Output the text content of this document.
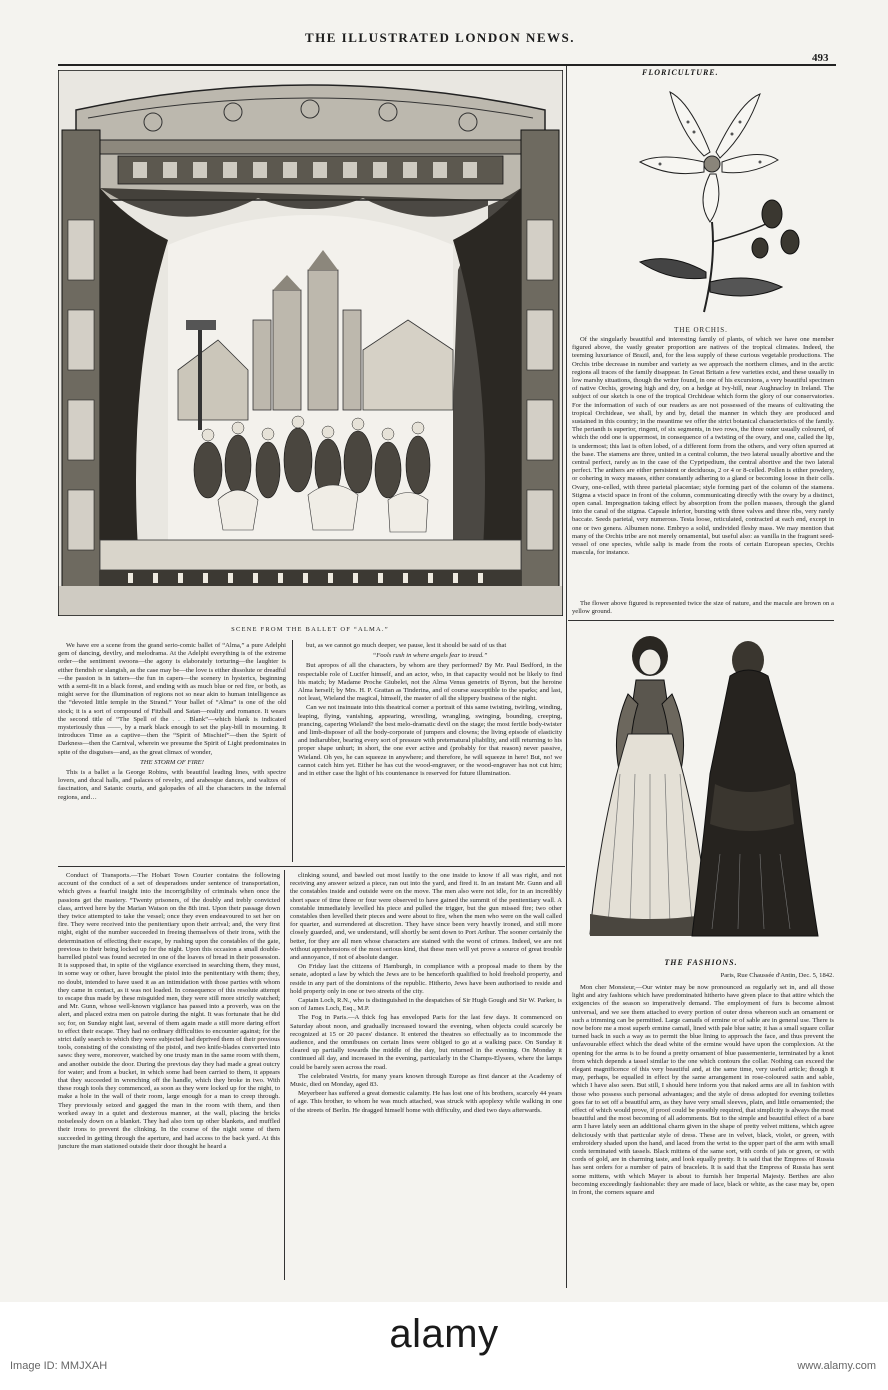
THE ILLUSTRATED LONDON NEWS.
493
SCENE FROM THE BALLET OF “ALMA.”

We have ere a scene from the grand serio-comic ballet of “Alma,” a pure Adelphi gem of dancing, devilry, and melodrama. At the Adelphi everything is of the extreme order—the sentiment swoons—the agony is elaborately torturing—the laughter is either fiendish or slangish, as the case may be—the love is either dissolute or dreadful—the passion is in tatters—the fun in capers—the scenery in hysterics, beginning with a semi-fit in a black forest, and ending with as much blue or red fire, or both, as might serve for the illumination of regions not so near akin to human intelligence as the “devoted little temple in the Strand.” Your ballet of “Alma” is one of the old stock; it is a sort of compound of Fitzball and Satan—reality and romance. It wears the second title of “The Spell of the . . . Blank”—which blank is indicated mysteriously thus ——, by a mark black enough to set the play-bill in mourning. It introduces Time as a captive—then the “Spirit of Mischief”—then the Spirit of Darkness—then the Carnival, wherein we presume the Spirit of Light predominates in spite of the disguises—and, as the great climax of wonder,

THE STORM OF FIRE!

This is a ballet a la George Robins, with beautiful leading lines, with spectre lovers, and ducal halls, and palaces of revelry, and arabesque dances, and waltzes of fascination, and Satanic courts, and galopades of all the characters in the infernal regions, and…

but, as we cannot go much deeper, we pause, lest it should be said of us that

“Fools rush in where angels fear to tread.”

But apropos of all the characters, by whom are they performed? By Mr. Paul Bedford, in the respectable role of Lucifer himself, and an actor, who, in that capacity would not be likely to find his match; by Madame Proche Giubelei, not the Alma Venus genetrix of Byron, but the heroine Alma herself; by Mrs. H. P. Grattan as Tinderina, and of course susceptible to the sparks; and last, not least, Wieland the magical, himself, the master of all the slippery business of the night.

Can we not insinuate into this theatrical corner a portrait of this same twisting, twirling, winding, leaping, flying, vanishing, appearing, wrestling, wrangling, swinging, bounding, creeping, prancing, capering Wieland? the best melo-dramatic devil on the stage; the most fertile body-twister and limb-disposer of all the body-corporate of jumpers and clowns; the living episode of elasticity and indiarubber, bearing every sort of pressure with preternatural pliability, and still returning to his proper shape unhurt; in short, the one ever active and (probably for that reason) never passive, Wieland. Oh yes, he can squeeze in anywhere; and therefore, he will squeeze in here! But, no! we cannot catch him yet. Either he has cut the wood-engraver, or the wood-engraver has not cut him; and in either case the light of his countenance is reserved for future illumination.

Conduct of Transports.—The Hobart Town Courier contains the following account of the conduct of a set of desperadoes under sentence of transportation, which gives a fearful insight into the incorrigibility of criminals when once the passions get the mastery. “Twenty prisoners, of the doubly and trebly convicted class, arrived here by the Marian Watson on the 8th inst. Upon their passage down they twice attempted to take the vessel; once they even endeavoured to set her on fire. They were received into the penitentiary upon their arrival; and, the very first night, eight of the number succeeded in freeing themselves of their irons, with the determination of effecting their escape, by rushing upon the constables of the gate, previous to their being locked up for the night. Upon this occasion a small double-barrelled pistol was found secreted in one of the loaves of bread in their possession. It is supposed that, in spite of the vigilance exercised in searching them, they must, in some way or other, have brought the pistol into the penitentiary with them; they, no doubt, intended to have used it as an intimidation with those parties with whom they came in contact, as it was not loaded. In consequence of this resolute attempt to escape thus made by these misguided men, they were still more strictly watched; and Mr. Gunn, whose well-known vigilance has passed into a proverb, was on the alert, and placed extra men on patrole during the night. It was fortunate that he did so; for, on Sunday night last, several of them again made a still more daring effort to effect their escape. They had no ordinary difficulties to encounter against; for the strict daily search to which they were subjected had deprived them of their previous tools, consisting of the consisting of the pistol, and two knife-blades converted into saws: they were, moreover, watched by one trusty man in the same room with them, and another outside the door. During the previous day they had made a great outcry for water; and from a bucket, in which some had been carried to them, it appears that they succeeded in wrenching off the handle, which they broke in two. With these rough tools they commenced, as soon as they were locked up for the night, to make a hole in the wall of their room, large enough for a man to creep through. They previously seized and gagged the man in the room with them, and then worked away in a quiet and dexterous manner, at the wall, placing the bricks noiselessly down on a blanket. They had also torn up other blankets, and muffled their irons to prevent the clinking. In the course of the night some of them succeeded in getting through the aperture, and had access to the back yard. At this juncture the man stationed outside their door thought he heard a

clinking sound, and bawled out most lustily to the one inside to know if all was right, and not receiving any answer seized a piece, ran out into the yard, and fired it. In an instant Mr. Gunn and all the constables inside and outside were on the move. The men also were not idle, for in an incredibly short space of time three or four were observed to have gained the summit of the penitentiary wall. A constable immediately levelled his piece and pulled the trigger, but the gun missed fire; two other constables then levelled their pieces and were about to fire, when the men who were on the wall called for quarter, and surrendered at discretion. They have since been very heavily ironed, and still more closely guarded, and, we understand, will shortly be sent down to Port Arthur. The sooner certainly the better, for they are all men whose characters are stained with the worst of crimes. Indeed, we are not without apprehensions of the most serious kind, that these men will yet prove a source of great trouble and annoyance, if not of absolute danger.

On Friday last the citizens of Hamburgh, in compliance with a proposal made to them by the senate, adopted a law by which the Jews are to be henceforth qualified to hold freehold property, and reside in any part of the dominions of the republic. Hitherto, Jews have been authorised to reside and hold property only in one or two streets of the city.

Captain Loch, R.N., who is distinguished in the despatches of Sir Hugh Gough and Sir W. Parker, is son of James Loch, Esq., M.P.

The Fog in Paris.—A thick fog has enveloped Paris for the last few days. It commenced on Saturday about noon, and gradually increased toward the evening, when objects could scarcely be recognized at 15 or 20 paces' distance. It entered the theatres so effectually as to incommode the audience, and the omnibuses on certain lines were obliged to go at a walking pace. On Sunday it cleared up partially towards the middle of the day, but returned in the evening. On Monday it continued all day, and increased in the evening, particularly in the Champs-Elysees, where the lamps could be barely seen across the road.

The celebrated Vestris, for many years known through Europe as first dancer at the Academy of Music, died on Monday, aged 83.

Meyerbeer has suffered a great domestic calamity. He has lost one of his brothers, scarcely 44 years of age. This brother, to whom he was much attached, was struck with apoplexy while walking in one of the streets of Berlin. He dragged himself home with difficulty, and died two days afterwards.

FLORICULTURE.
THE ORCHIS.

Of the singularly beautiful and interesting family of plants, of which we have one member figured above, the vastly greater proportion are natives of the tropical climates. Indeed, the teeming luxuriance of Brazil, and, for the less supply of these curious vegetable productions. The Orchis tribe decrease in number and variety as we approach the northern climes, and in the arctic regions all traces of the family disappear. In Great Britain a few varieties exist, and these usually in low marshy situations, though the writer found, in one of his excursions, a very beautiful specimen of native Orchis, growing high and dry, on a hedge at Ivy-hill, near Aughnacloy in Ireland. The subject of our sketch is one of the tropical Orchideae which form the glory of our conservatories. For the information of such of our readers as are not possessed of the means of cultivating the tropical Orchideae, we shall, by and by, detail the manner in which they are produced and sustained in this country; in the meantime we offer the strict botanical characteristics of the family. The perianth is superior, ringent, of six segments, in two rows, the three outer usually coloured, of which the odd one is uppermost, in consequence of a twisting of the ovary, and one, called the lip, is undermost; this last is often lobed, of a different form from the others, and very often spurred at the base. The stamens are three, united in a central column, the two lateral usually abortive and the central perfect, rarely as in the case of the Cypripedium, the central abortive and the two lateral perfect. The anthers are either persistent or deciduous, 2 or 4 or 8-celled. Pollen is either powdery, or cohering in waxy masses, either constantly adhering to a gland or becoming loose in their cells. Ovary, one-celled, with three parietal placentae; style forming part of the column of the stamens. Stigma a viscid space in front of the column, communicating directly with the ovary by a distinct, open canal. Impregnation taking effect by absorption from the pollen masses, through the gland into the canal of the stigma. Capsule inferior, bursting with three valves and three ribs, very rarely baccate. Seeds parietal, very numerous. Testa loose, reticulated, contracted at each end, except in one or two genera. Albumen none. Embryo a solid, undivided fleshy mass. We may mention that many of the Orchis tribe are not merely ornamental, but useful also: as vanilla in the fragrant seed-vessel of one species, while salip is made from the roots of certain European species, Orchis mascula, for instance.

The flower above figured is represented twice the size of nature, and the macule are brown on a yellow ground.

THE FASHIONS.

Paris, Rue Chaussée d'Antin, Dec. 5, 1842.

Mon cher Monsieur,—Our winter may be now pronounced as regularly set in, and all those light and airy fashions which have predominated hitherto have given place to that attire which the exigencies of the season so imperatively demand. The employment of furs is become almost universal, and we see them attached to every portion of outer dress whereon such an ornament or such a trimming can be permitted. Large camails of ermine or of sable are in general use. There is now before me a most superb ermine camail, lined with pale blue satin; it has a small square collar turned back in such a way as to permit the blue lining to approach the face, and thus prevent the unfavourable effect which the dead white of the ermine would have upon the complexion. At the opening for the arms is to be found a pretty ornament of blue passementerie, terminated by a knot from which depends a tassel similar to the one which contours the collar. Nothing can exceed the elegant magnificence of this very beautiful and, at the same time, very useful article; though it may, perhaps, be equalled in effect by the same arrangement in rose-coloured satin and sable, which I have also seen. But still, I should here inform you that naked arms are all in fashion with those who possess such personal advantages; and the style of dress adopted for evening toilettes goes far to set off a beautiful arm, as they have very small sleeves, plain, and little ornamented; the effect of which would prove, if proof could be possibly required, that simplicity is always the most beautiful and the most becoming of all adornments. But to the simple and beautiful effect of a bare arm I have lately seen an additional charm given in the shape of pretty velvet mittens, which agree deliciously with that particular style of dress. These are in velvet, black, violet, or green, with embroidery shaded upon the hand, and laced from the wrist to the upper part of the arm with small cords terminated with tassels. Black mittens of the same sort, with cords of jais or green, or with cords of gold, are in charming taste, and look equally pretty. It is said that the Empress of Russia has sent orders for a number of pairs of bracelets. It is said that the Empress of Russia has sent some mittens, with which Mayer is about to furnish her Imperial Majesty. Berthes are also becoming exceedingly fashionable: they are made of lace, black or white, as the case may be, open in front, the corners square and

alamy
Image ID: MMJXAH	www.alamy.com
